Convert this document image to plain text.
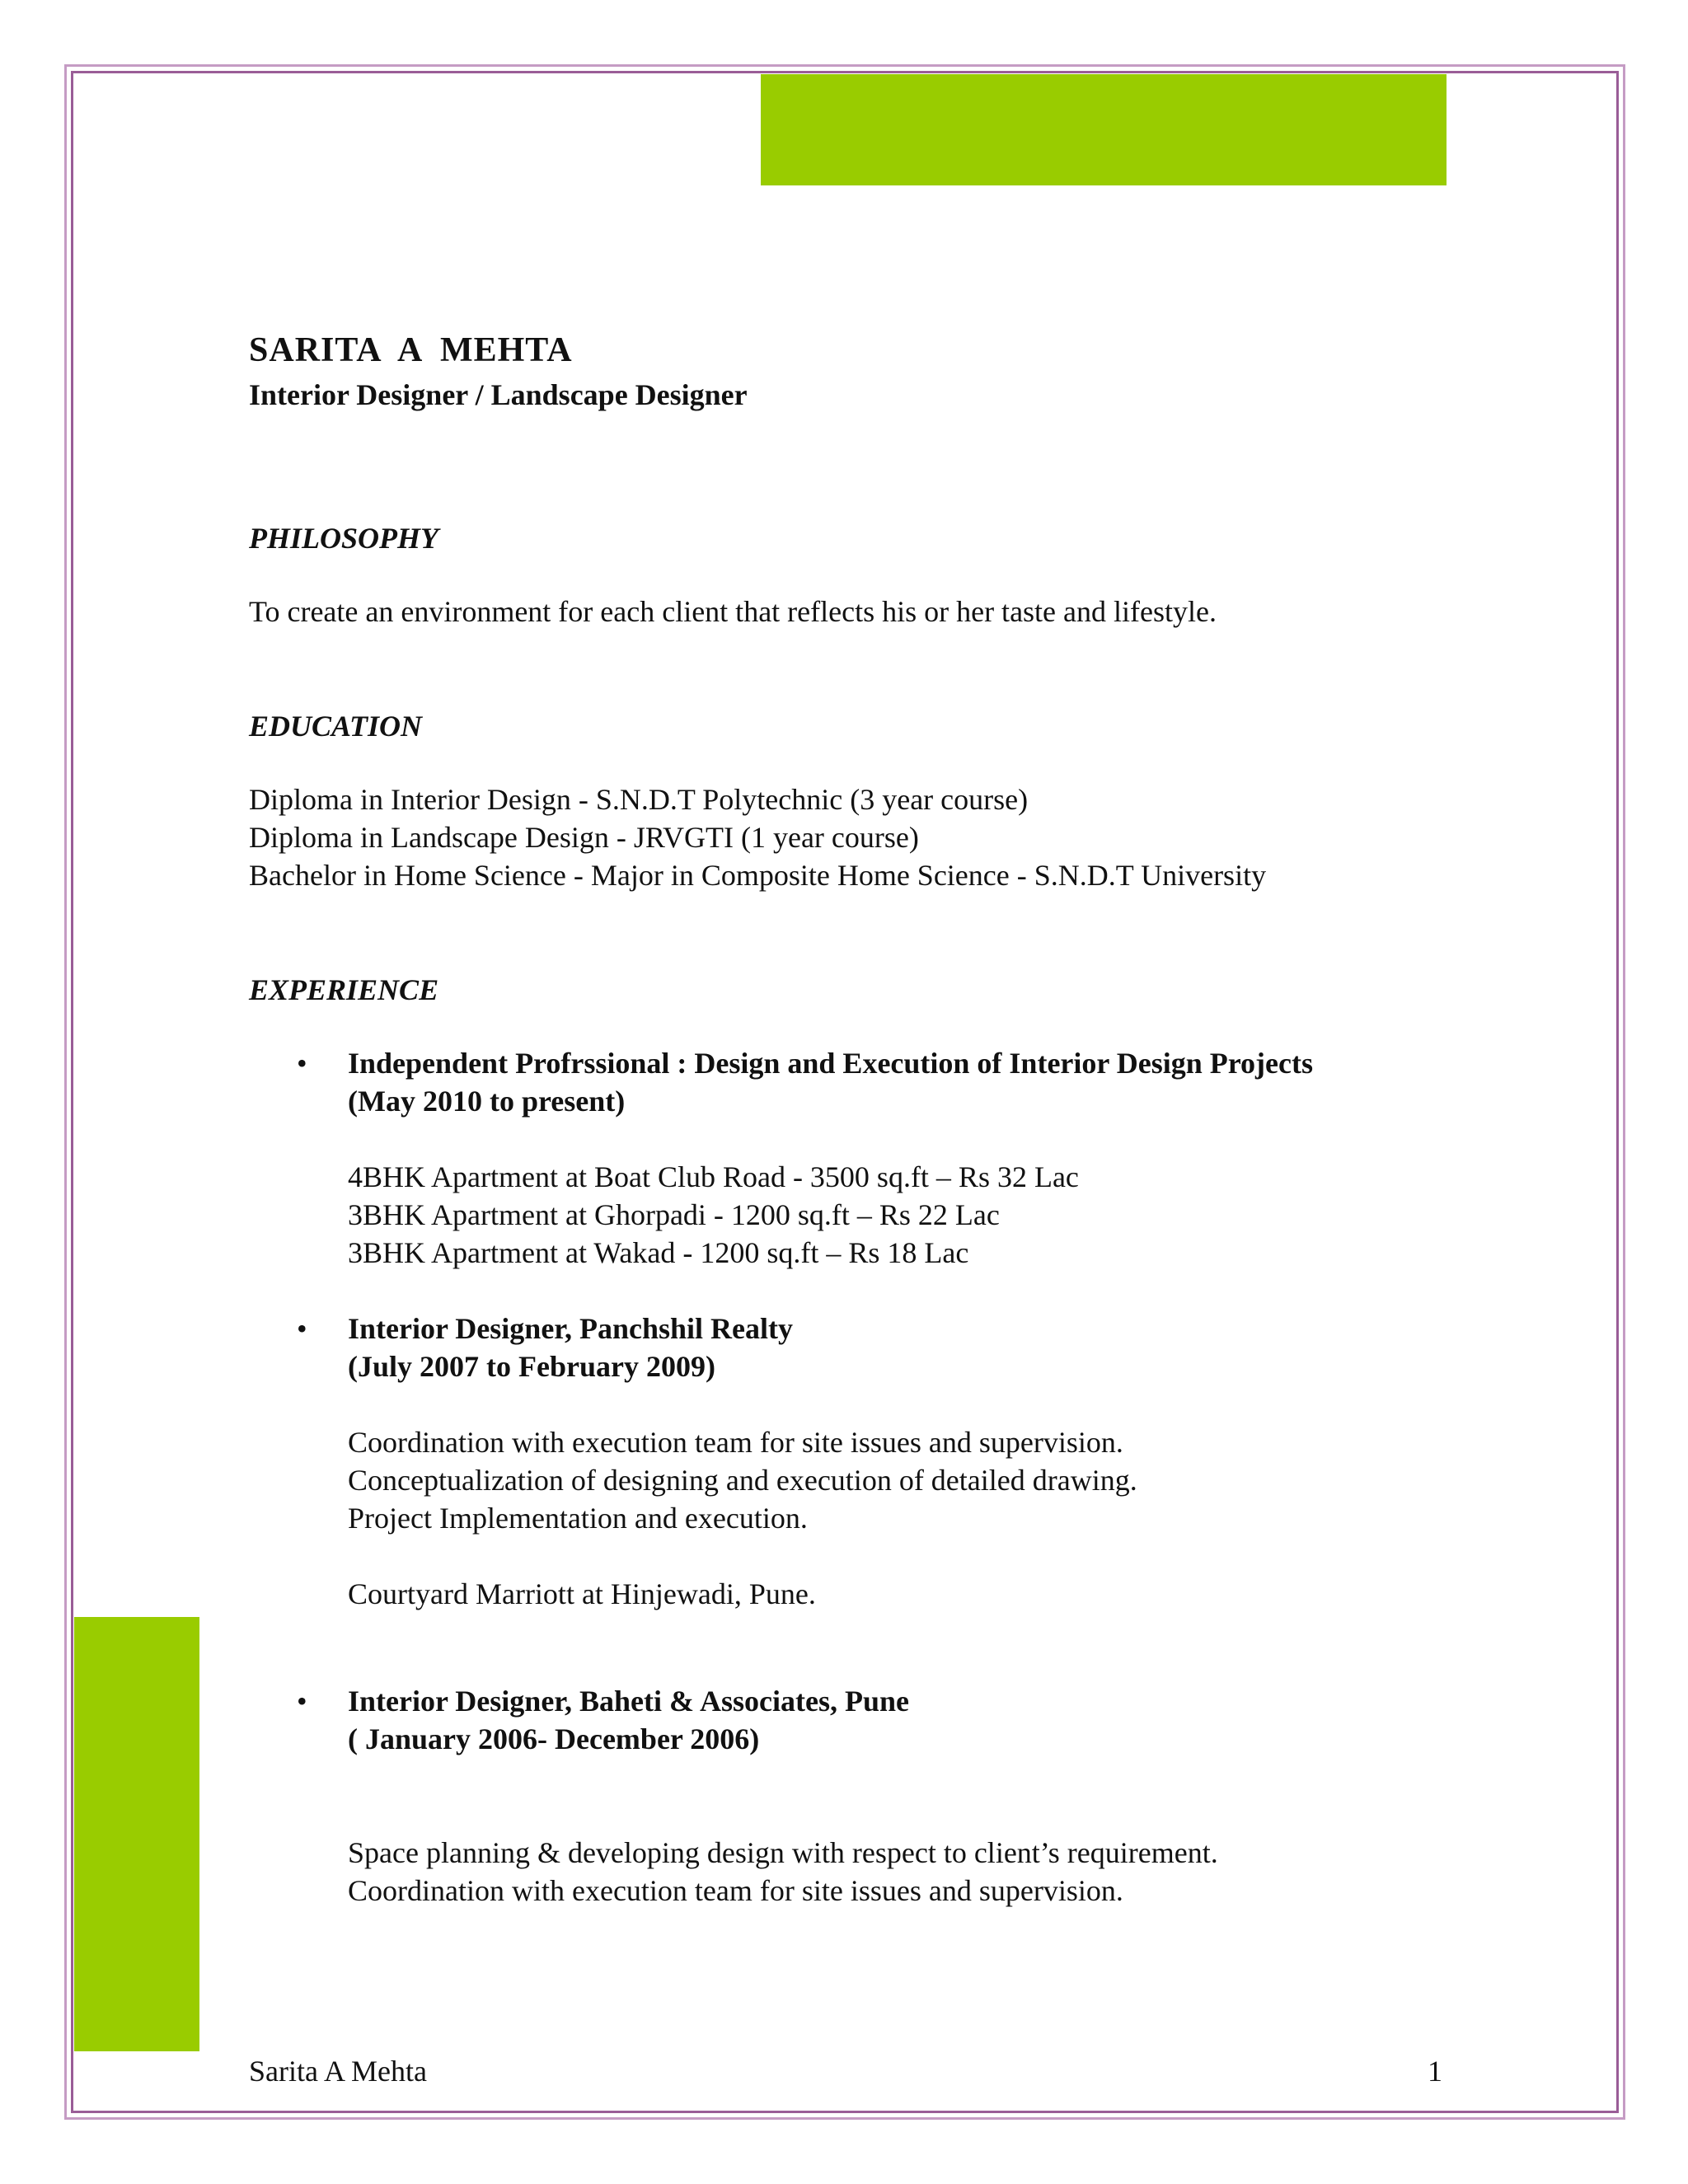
SARITA  A  MEHTA
Interior Designer / Landscape Designer
PHILOSOPHY
To create an environment for each client that reflects his or her taste and lifestyle.
EDUCATION
Diploma in Interior Design - S.N.D.T Polytechnic (3 year course)
Diploma in Landscape Design - JRVGTI (1 year course)
Bachelor in Home Science - Major in Composite Home Science - S.N.D.T University
EXPERIENCE
• Independent Profrssional : Design and Execution of Interior Design Projects
(May 2010 to present)
4BHK Apartment at Boat Club Road - 3500 sq.ft – Rs 32 Lac
3BHK Apartment at Ghorpadi - 1200 sq.ft – Rs 22 Lac
3BHK Apartment at Wakad - 1200 sq.ft – Rs 18 Lac
• Interior Designer, Panchshil Realty
(July 2007 to February 2009)
Coordination with execution team for site issues and supervision.
Conceptualization of designing and execution of detailed drawing.
Project Implementation and execution.
Courtyard Marriott at Hinjewadi, Pune.
• Interior Designer, Baheti & Associates, Pune
( January 2006- December 2006)
Space planning & developing design with respect to client’s requirement.
Coordination with execution team for site issues and supervision.
Sarita A Mehta	1
